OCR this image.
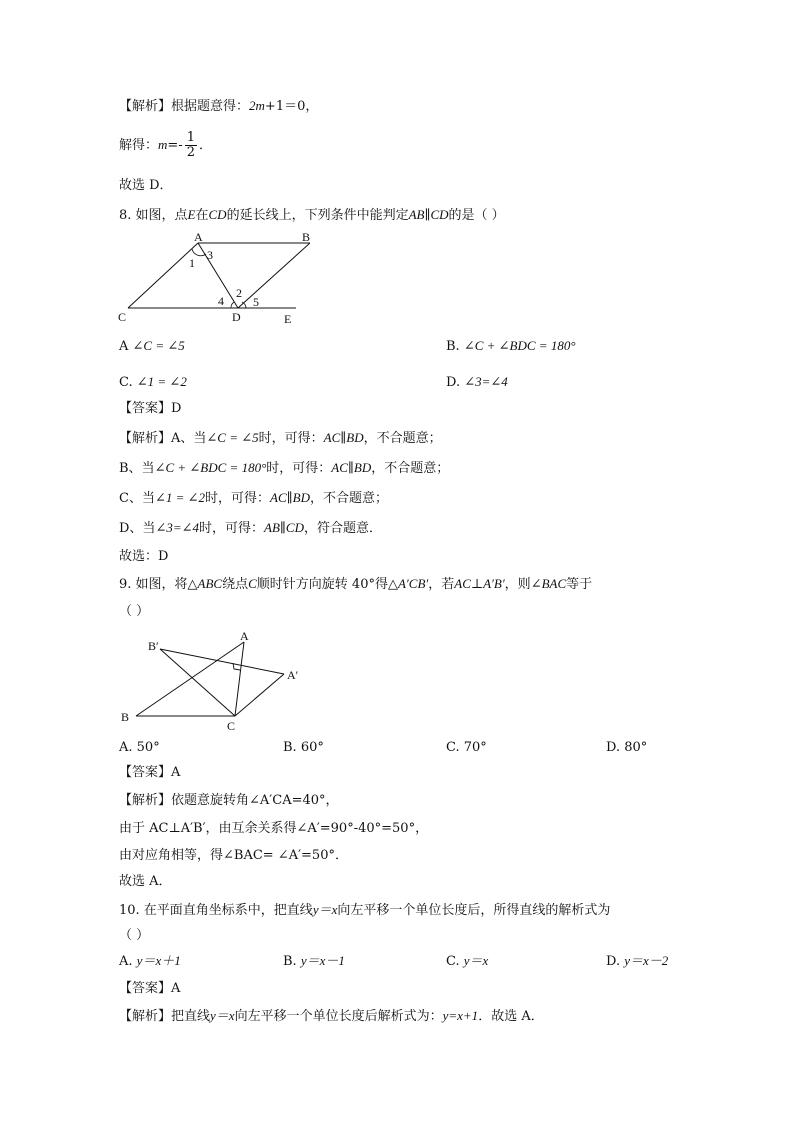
【解析】根据题意得：2m+1＝0，
解得：$m=- \frac{1}{2}$ ．
故选 D．
8. 如图，点E在CD的延长线上，下列条件中能判定AB∥CD的是（ ）
A	B
C	D	E
1
3
2
4 5
A ∠C = ∠5	B. ∠C + ∠BDC = 180°
C. ∠1 = ∠2	D. ∠3=∠4
【答案】D
【解析】A、当∠C = ∠5时，可得：AC∥BD，不合题意；
B、当∠C + ∠BDC = 180°时，可得：AC∥BD，不合题意；
C、当∠1 = ∠2时，可得：AC∥BD，不合题意；
D、当∠3=∠4时，可得：AB∥CD，符合题意．
故选：D
9. 如图，将△ABC绕点C顺时针方向旋转 40°得△A′CB′，若AC⊥A′B′，则∠BAC等于
（ ）
B′
A
A′
B
C
A. 50°	B. 60°	C. 70°	D. 80°
【答案】A
【解析】依题意旋转角∠A′CA=40°，
由于 AC⊥A′B′，由互余关系得∠A′=90°-40°=50°，
由对应角相等，得∠BAC= ∠A′=50°．
故选 A．
10. 在平面直角坐标系中，把直线y＝x向左平移一个单位长度后，所得直线的解析式为
（ ）
A. y＝x＋1	B. y＝x－1	C. y＝x	D. y＝x－2
【答案】A
【解析】把直线y＝x向左平移一个单位长度后解析式为：y=x+1．故选 A．
